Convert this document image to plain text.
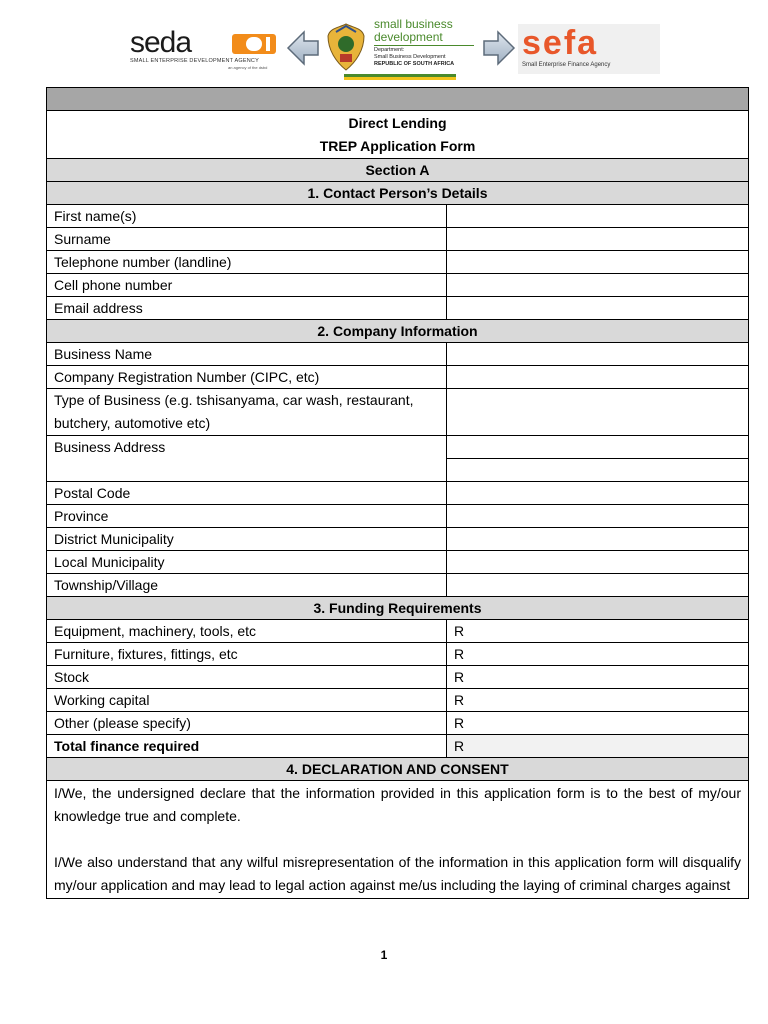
seda
SMALL ENTERPRISE DEVELOPMENT AGENCY
an agency of the dsbd
small business
development
Department:
Small Business Development
REPUBLIC OF SOUTH AFRICA
sefa
Small Enterprise Finance Agency

Direct Lending
TREP Application Form	

Section A	
1. Contact Person’s Details	
First name(s)	
Surname	
Telephone number (landline)	
Cell phone number	
Email address	
2. Company Information	
Business Name	
Company Registration Number (CIPC, etc)	
Type of Business (e.g. tshisanyama, car wash, restaurant, butchery, automotive etc)	
Business Address	

Postal Code	
Province	
District Municipality	
Local Municipality	
Township/Village	
3. Funding Requirements	
Equipment, machinery, tools, etc	R
Furniture, fixtures, fittings, etc	R
Stock	R
Working capital	R
Other (please specify)	R
Total finance required	R
4. DECLARATION AND CONSENT	

I/We, the undersigned declare that the information provided in this application form is to the best of my/our knowledge true and complete.
I/We also understand that any wilful misrepresentation of the information in this application form will disqualify my/our application and may lead to legal action against me/us including the laying of criminal charges against	
1
